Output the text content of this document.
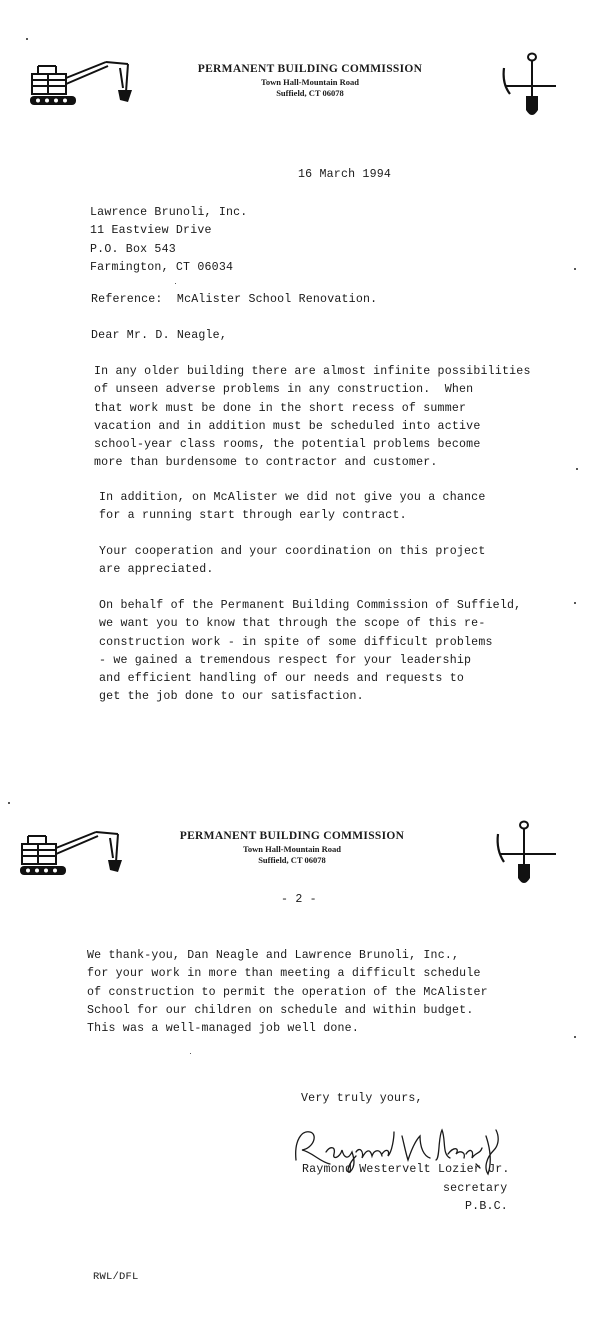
PERMANENT BUILDING COMMISSION
Town Hall-Mountain Road
Suffield, CT 06078
16 March 1994
Lawrence Brunoli, Inc.
11 Eastview Drive
P.O. Box 543
Farmington, CT 06034
Reference: McAlister School Renovation.
Dear Mr. D. Neagle,
In any older building there are almost infinite possibilities
of unseen adverse problems in any construction.  When
that work must be done in the short recess of summer
vacation and in addition must be scheduled into active
school-year class rooms, the potential problems become
more than burdensome to contractor and customer.
In addition, on McAlister we did not give you a chance
for a running start through early contract.
Your cooperation and your coordination on this project
are appreciated.
On behalf of the Permanent Building Commission of Suffield,
we want you to know that through the scope of this re-
construction work - in spite of some difficult problems
- we gained a tremendous respect for your leadership
and efficient handling of our needs and requests to
get the job done to our satisfaction.
PERMANENT BUILDING COMMISSION
Town Hall-Mountain Road
Suffield, CT 06078
- 2 -
We thank-you, Dan Neagle and Lawrence Brunoli, Inc.,
for your work in more than meeting a difficult schedule
of construction to permit the operation of the McAlister
School for our children on schedule and within budget.
This was a well-managed job well done.
Very truly yours,
Raymond Westervelt Lozier Jr.
secretary
P.B.C.
RWL/DFL
